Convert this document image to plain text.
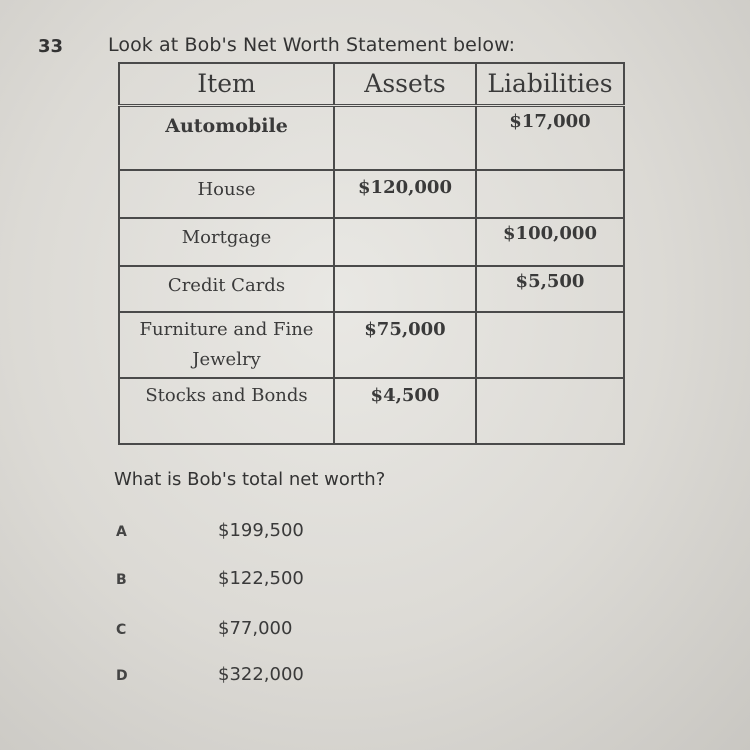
33 Look at Bob's Net Worth Statement below:
Item	Assets	Liabilities
Automobile		$17,000
House	$120,000	
Mortgage		$100,000
Credit Cards		$5,500
Furniture and Fine Jewelry	$75,000	
Stocks and Bonds	$4,500	
What is Bob's total net worth?
A	$199,500
B	$122,500
C	$77,000
D	$322,000
